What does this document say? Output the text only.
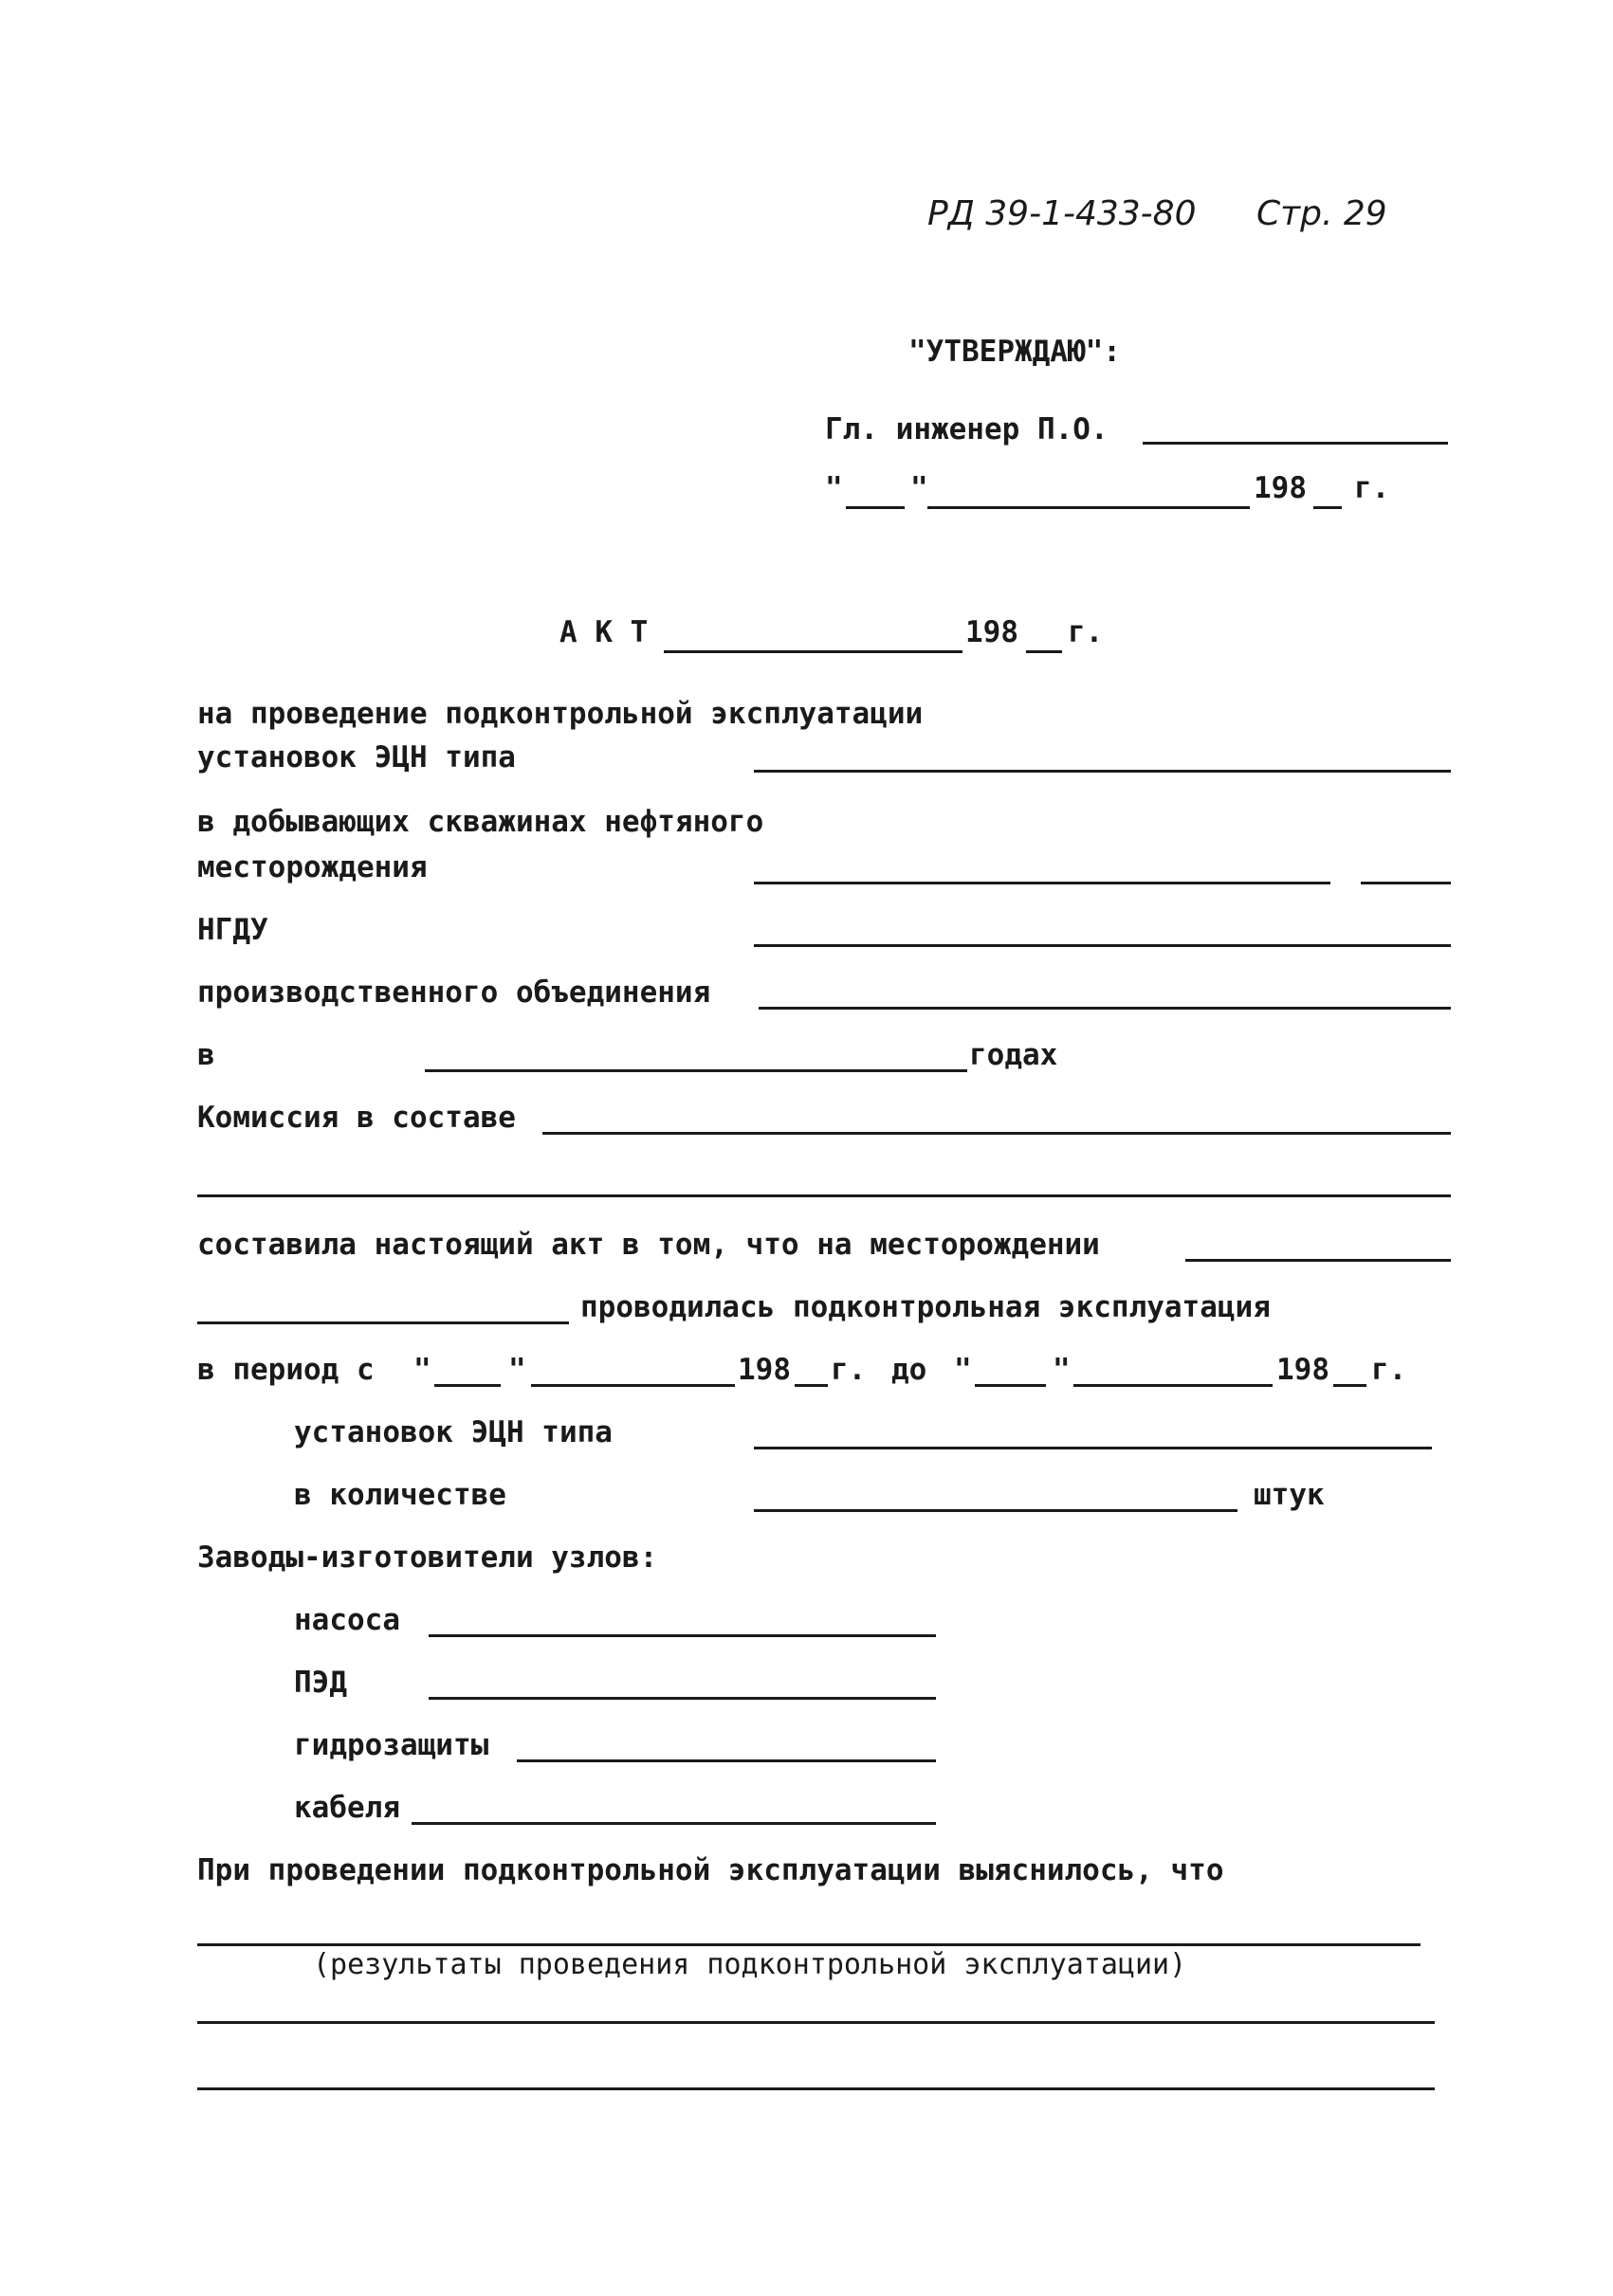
РД 39-1-433-80 Стр. 29
"УТВЕРЖДАЮ":
Гл. инженер П.О.
" "	198 г.
А К Т	198 г.
на проведение подконтрольной эксплуатации
установок ЭЦН типа
в добывающих скважинах нефтяного
месторождения
НГДУ
производственного объединения
в	годах
Комиссия в составе
составила настоящий акт в том, что на месторождении
проводилась подконтрольная эксплуатация
в период с "	"	198 г. до "	"	198 г.
установок ЭЦН типа
в количестве	штук
Заводы-изготовители узлов:
насоса
ПЭД
гидрозащиты
кабеля
При проведении подконтрольной эксплуатации выяснилось, что
(результаты проведения подконтрольной эксплуатации)
